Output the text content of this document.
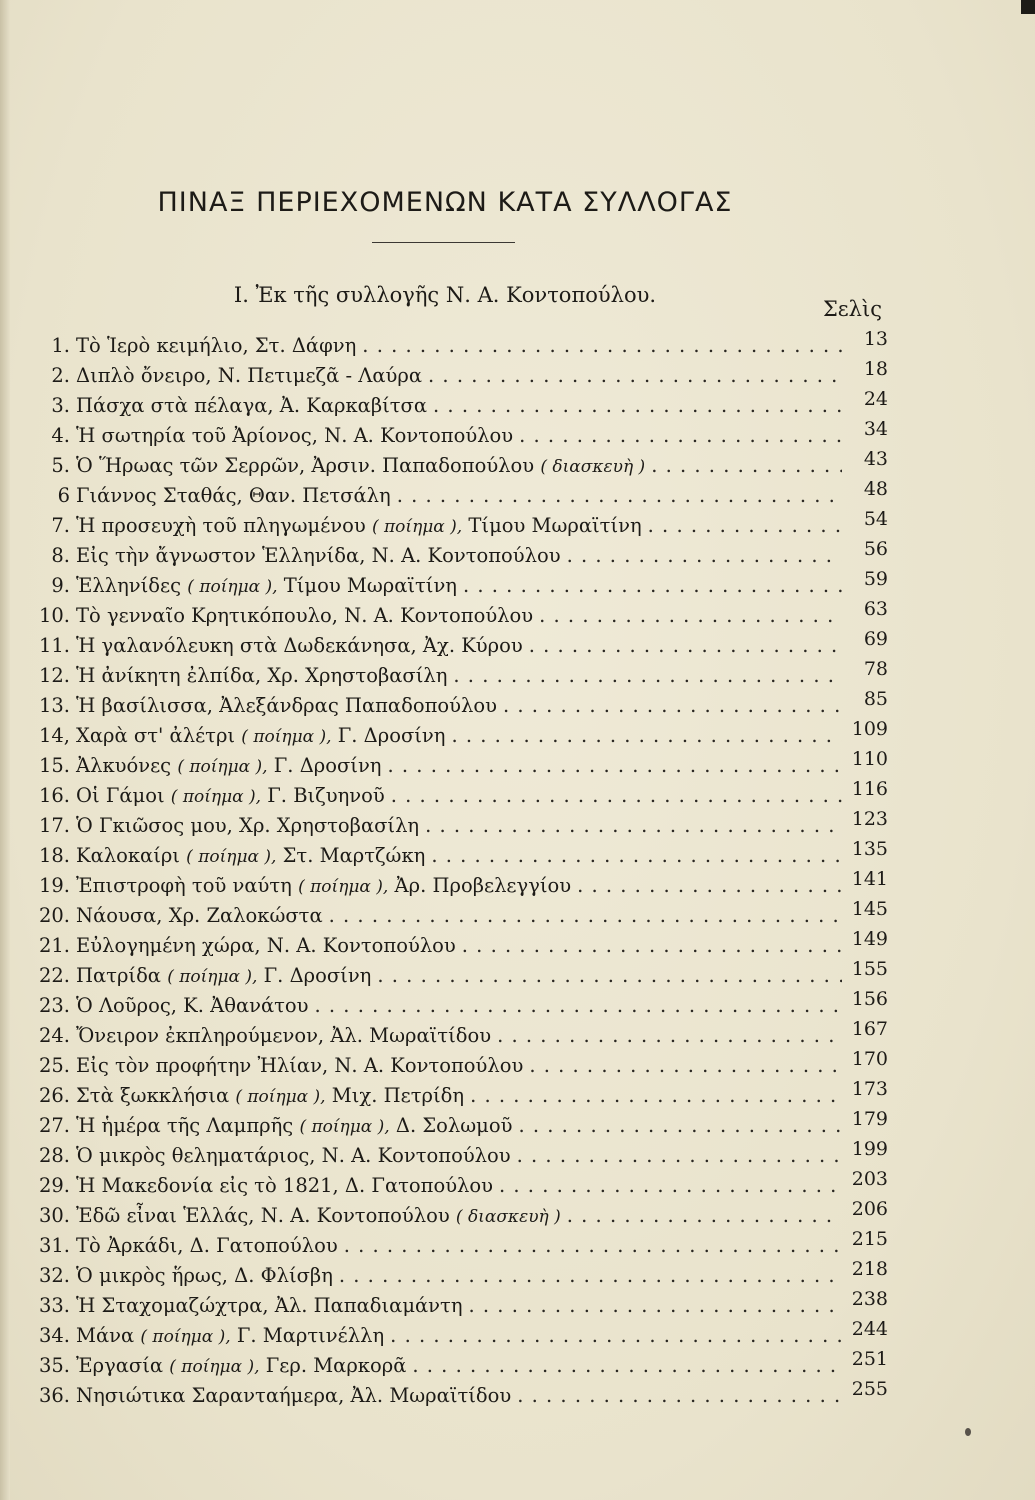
ΠΙΝΑΞ ΠΕΡΙΕΧΟΜΕΝΩΝ ΚΑΤΑ ΣΥΛΛΟΓΑΣ
I. Ἐκ τῆς συλλογῆς Ν. Α. Κοντοπούλου.
Σελὶς
1. Τὸ Ἱερὸ κειμήλιο, Στ. Δάφνη . . .	13
2. Διπλὸ ὄνειρο, Ν. Πετιμεζᾶ - Λαύρα . . .	18
3. Πάσχα στὰ πέλαγα, Ἀ. Καρκαβίτσα . . .	24
4. Ἡ σωτηρία τοῦ Ἀρίονος, Ν. Α. Κοντοπούλου . . .	34
5. Ὁ Ἥρωας τῶν Σερρῶν, Ἀρσιν. Παπαδοπούλου ( διασκευὴ ) . . .	43
6 Γιάννος Σταθάς, Θαν. Πετσάλη . . .	48
7. Ἡ προσευχὴ τοῦ πληγωμένου ( ποίημα ), Τίμου Μωραϊτίνη . . .	54
8. Εἰς τὴν ἄγνωστον Ἑλληνίδα, Ν. Α. Κοντοπούλου . . .	56
9. Ἑλληνίδες ( ποίημα ), Τίμου Μωραϊτίνη . . .	59
10. Τὸ γενναῖο Κρητικόπουλο, Ν. Α. Κοντοπούλου . . .	63
11. Ἡ γαλανόλευκη στὰ Δωδεκάνησα, Ἀχ. Κύρου . . .	69
12. Ἡ ἀνίκητη ἐλπίδα, Χρ. Χρηστοβασίλη . . .	78
13. Ἡ βασίλισσα, Ἀλεξάνδρας Παπαδοπούλου . . .	85
14, Χαρὰ στ' ἀλέτρι ( ποίημα ), Γ. Δροσίνη . . .	109
15. Ἀλκυόνες ( ποίημα ), Γ. Δροσίνη . . .	110
16. Οἱ Γάμοι ( ποίημα ), Γ. Βιζυηνοῦ . . .	116
17. Ὁ Γκιῶσος μου, Χρ. Χρηστοβασίλη . . .	123
18. Καλοκαίρι ( ποίημα ), Στ. Μαρτζώκη . . .	135
19. Ἐπιστροφὴ τοῦ ναύτη ( ποίημα ), Ἀρ. Προβελεγγίου . . .	141
20. Νάουσα, Χρ. Ζαλοκώστα . . .	145
21. Εὐλογημένη χώρα, Ν. Α. Κοντοπούλου . . .	149
22. Πατρίδα ( ποίημα ), Γ. Δροσίνη . . .	155
23. Ὁ Λοῦρος, Κ. Ἀθανάτου . . .	156
24. Ὄνειρον ἐκπληρούμενον, Ἀλ. Μωραϊτίδου . . .	167
25. Εἰς τὸν προφήτην Ἠλίαν, Ν. Α. Κοντοπούλου . . .	170
26. Στὰ ξωκκλήσια ( ποίημα ), Μιχ. Πετρίδη . . .	173
27. Ἡ ἡμέρα τῆς Λαμπρῆς ( ποίημα ), Δ. Σολωμοῦ . . .	179
28. Ὁ μικρὸς θεληματάριος, Ν. Α. Κοντοπούλου . . .	199
29. Ἡ Μακεδονία εἰς τὸ 1821, Δ. Γατοπούλου . . .	203
30. Ἐδῶ εἶναι Ἑλλάς, Ν. Α. Κοντοπούλου ( διασκευὴ ) . . .	206
31. Τὸ Ἀρκάδι, Δ. Γατοπούλου . . .	215
32. Ὁ μικρὸς ἥρως, Δ. Φλίσβη . . .	218
33. Ἡ Σταχομαζώχτρα, Ἀλ. Παπαδιαμάντη . . .	238
34. Μάνα ( ποίημα ), Γ. Μαρτινέλλη . . .	244
35. Ἐργασία ( ποίημα ), Γερ. Μαρκορᾶ . . .	251
36. Νησιώτικα Σαρανταήμερα, Ἀλ. Μωραϊτίδου . . .	255
